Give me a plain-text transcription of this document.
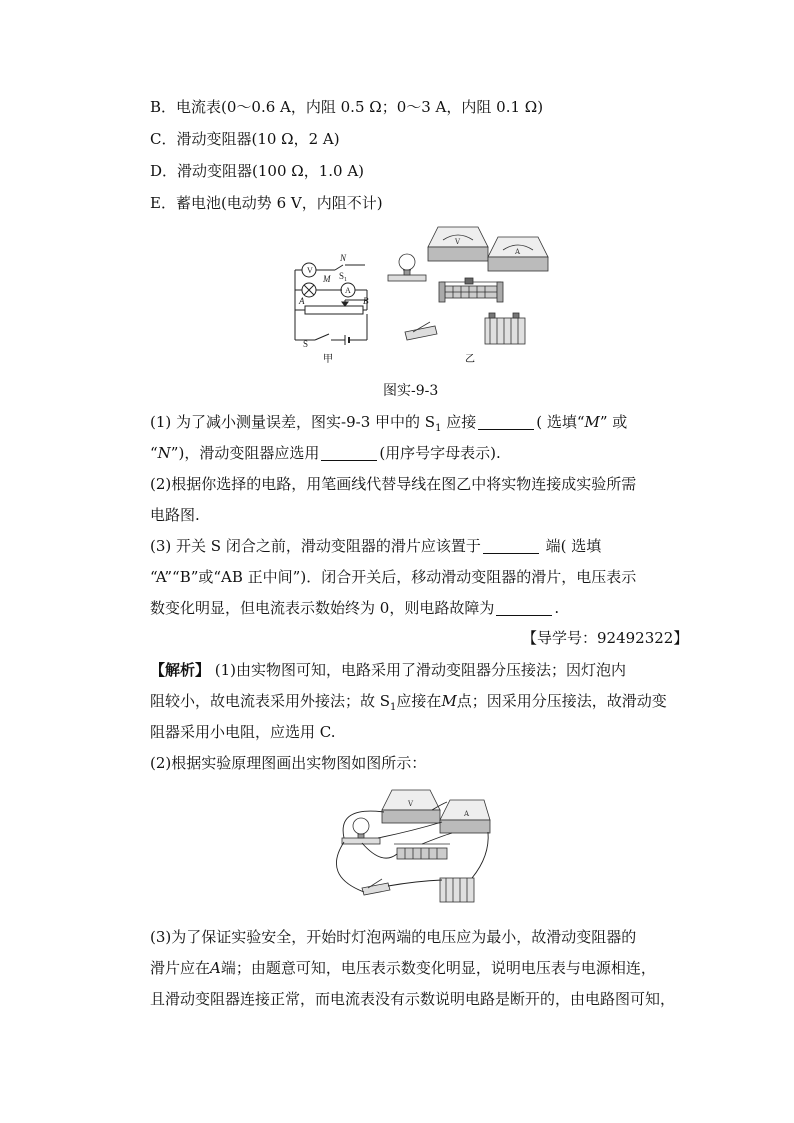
B．电流表(0～0.6 A，内阻 0.5 Ω；0～3 A，内阻 0.1 Ω)
C．滑动变阻器(10 Ω，2 A)
D．滑动变阻器(100 Ω，1.0 A)
E．蓄电池(电动势 6 V，内阻不计)
V
A
N
$S_1$
M
A	B
S
甲
V
A
乙
图实-9-3
(1) 为了减小测量误差，图实-9-3 甲中的 $S_1$ 应接	( 选填“M” 或
“N”)，滑动变阻器应选用	(用序号字母表示).
(2)根据你选择的电路，用笔画线代替导线在图乙中将实物连接成实验所需
电路图.
(3) 开关 S 闭合之前，滑动变阻器的滑片应该置于	端( 选填
“A”“B”或“AB 正中间”)．闭合开关后，移动滑动变阻器的滑片，电压表示
数变化明显，但电流表示数始终为 0，则电路故障为	.
【导学号：92492322】
【解析】 (1)由实物图可知，电路采用了滑动变阻器分压接法；因灯泡内
阻较小，故电流表采用外接法；故 $S_1$应接在M点；因采用分压接法，故滑动变
阻器采用小电阻，应选用 C.
(2)根据实验原理图画出实物图如图所示：
V
A
(3)为了保证实验安全，开始时灯泡两端的电压应为最小，故滑动变阻器的
滑片应在A端；由题意可知，电压表示数变化明显，说明电压表与电源相连，
且滑动变阻器连接正常，而电流表没有示数说明电路是断开的，由电路图可知，
